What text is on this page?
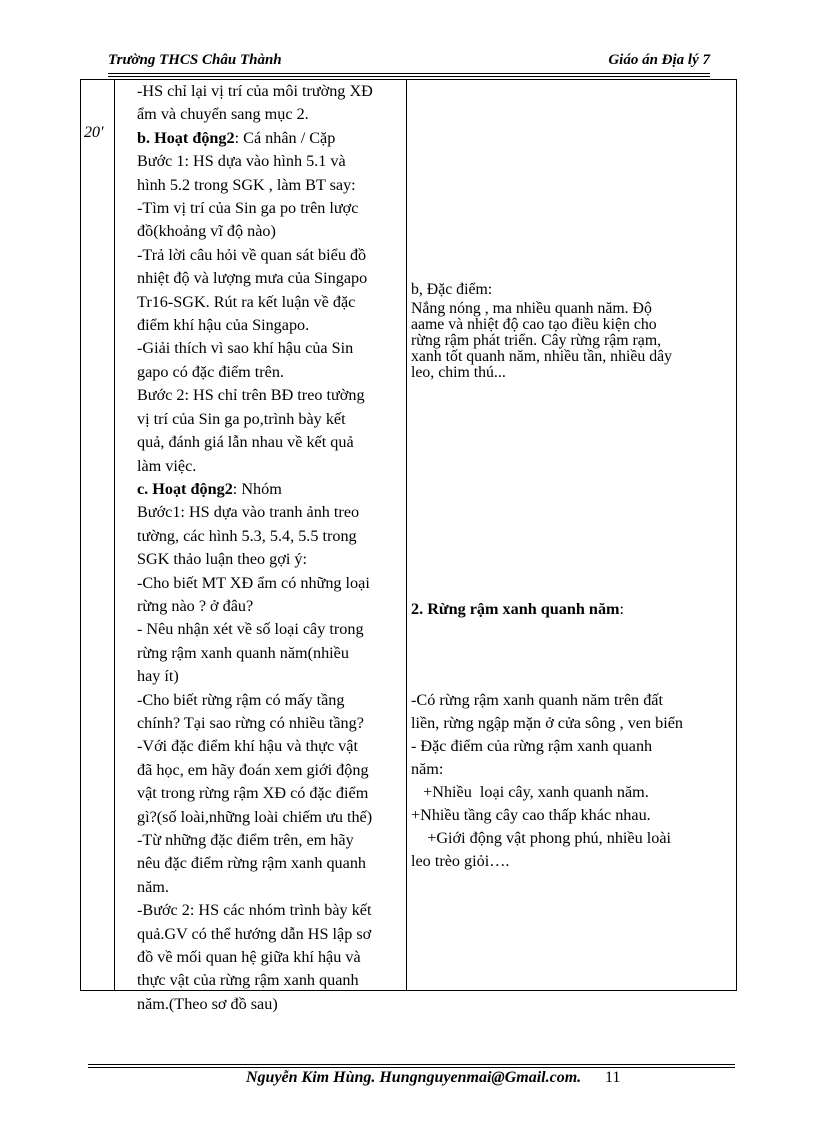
Trường THCS Châu Thành	Giáo án Địa lý 7
20'

-HS chỉ lại vị trí của môi trường XĐ

ẩm và chuyển sang mục 2.

b. Hoạt động2: Cá nhân / Cặp

Bước 1: HS dựa vào hình 5.1 và

hình 5.2 trong SGK , làm BT say:

-Tìm vị trí của Sin ga po trên lược

đồ(khoảng vĩ độ nào)

-Trả lời câu hỏi về quan sát biểu đồ

nhiệt độ và lượng mưa của Singapo

Tr16-SGK. Rút ra kết luận về đặc

điểm khí hậu của Singapo.

-Giải thích vì sao khí hậu của Sin

gapo có đặc điểm trên.

Bước 2: HS chỉ trên BĐ treo tường

vị trí của Sin ga po,trình bày kết

quả, đánh giá lẫn nhau về kết quả

làm việc.

c. Hoạt động2: Nhóm

Bước1: HS dựa vào tranh ảnh treo

tường, các hình 5.3, 5.4, 5.5 trong

SGK thảo luận theo gợi ý:

-Cho biết MT XĐ ẩm có những loại

rừng nào ? ở đâu?

- Nêu nhận xét về số loại cây trong

rừng rậm xanh quanh năm(nhiều

hay ít)

-Cho biết rừng rậm có mấy tầng

chính? Tại sao rừng có nhiều tầng?

-Với đặc điểm khí hậu và thực vật

đã học, em hãy đoán xem giới động

vật trong rừng rậm XĐ có đặc điểm

gì?(số loài,những loài chiếm ưu thế)

-Từ những đặc điểm trên, em hãy

nêu đặc điểm rừng rậm xanh quanh

năm.

-Bước 2: HS các nhóm trình bày kết

quả.GV có thể hướng dẫn HS lập sơ

đồ về mối quan hệ giữa khí hậu và

thực vật của rừng rậm xanh quanh

năm.(Theo sơ đồ sau)

b, Đặc điểm:

Nắng nóng , ma nhiều quanh năm. Độ

aame và nhiệt độ cao tạo điều kiện cho

rừng rậm phát triển. Cây rừng rậm rạm,

xanh tốt quanh năm, nhiều tần, nhiều dây

leo, chim thú...

2. Rừng rậm xanh quanh năm:

-Có rừng rậm xanh quanh năm trên đất

liền, rừng ngập mặn ở cửa sông , ven biển

- Đặc điểm của rừng rậm xanh quanh

năm:

+Nhiều  loại cây, xanh quanh năm.

+Nhiều tầng cây cao thấp khác nhau.

+Giới động vật phong phú, nhiều loài

leo trèo giỏi….

Nguyễn Kim Hùng. Hungnguyenmai@Gmail.com. 11
